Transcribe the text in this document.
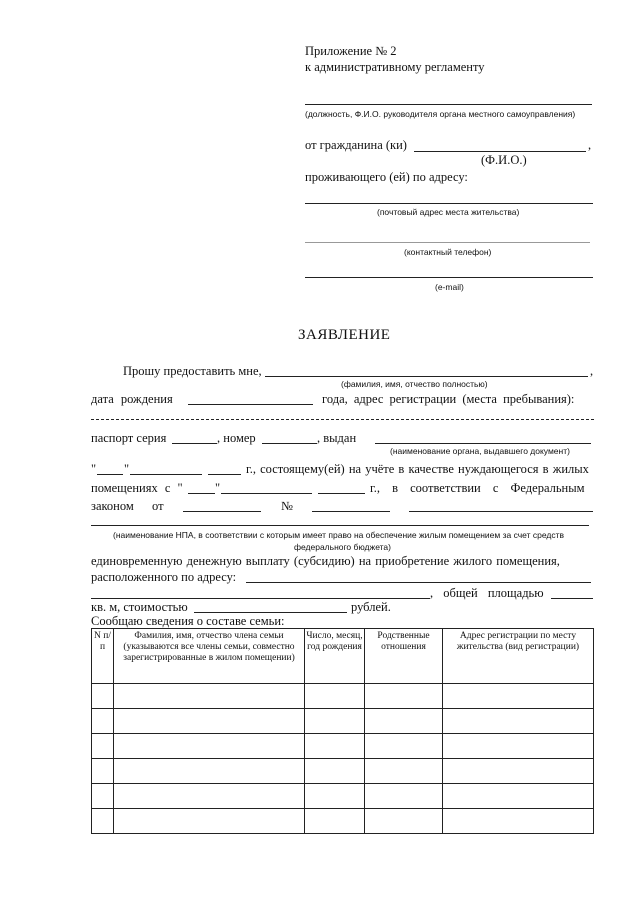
Приложение № 2
к административному регламенту
(должность, Ф.И.О. руководителя органа местного самоуправления)
от гражданина (ки)	,
(Ф.И.О.)
проживающего (ей) по адресу:
(почтовый адрес места жительства)
(контактный телефон)
(e-mail)
ЗАЯВЛЕНИЕ
Прошу предоставить мне,	,
(фамилия, имя, отчество полностью)
дата рождения	года, адрес регистрации (места пребывания):
паспорт серия	, номер	, выдан
(наименование органа, выдавшего документ)
" "	г., состоящему(ей) на учёте в качестве нуждающегося в жилых
помещениях с "	"	г., в соответствии с Федеральным
законом от	№
(наименование НПА, в соответствии с которым имеет право на обеспечение жилым помещением за счет средств
федерального бюджета)
единовременную денежную выплату (субсидию) на приобретение жилого помещения,
расположенного по адресу:
, общей площадью
кв. м, стоимостью	рублей.
Сообщаю сведения о составе семьи:
N п/п	Фамилия, имя, отчество члена семьи (указываются все члены семьи, совместно зарегистрированные в жилом помещении)	Число, месяц, год рождения	Родственные отношения	Адрес регистрации по месту жительства (вид регистрации)
